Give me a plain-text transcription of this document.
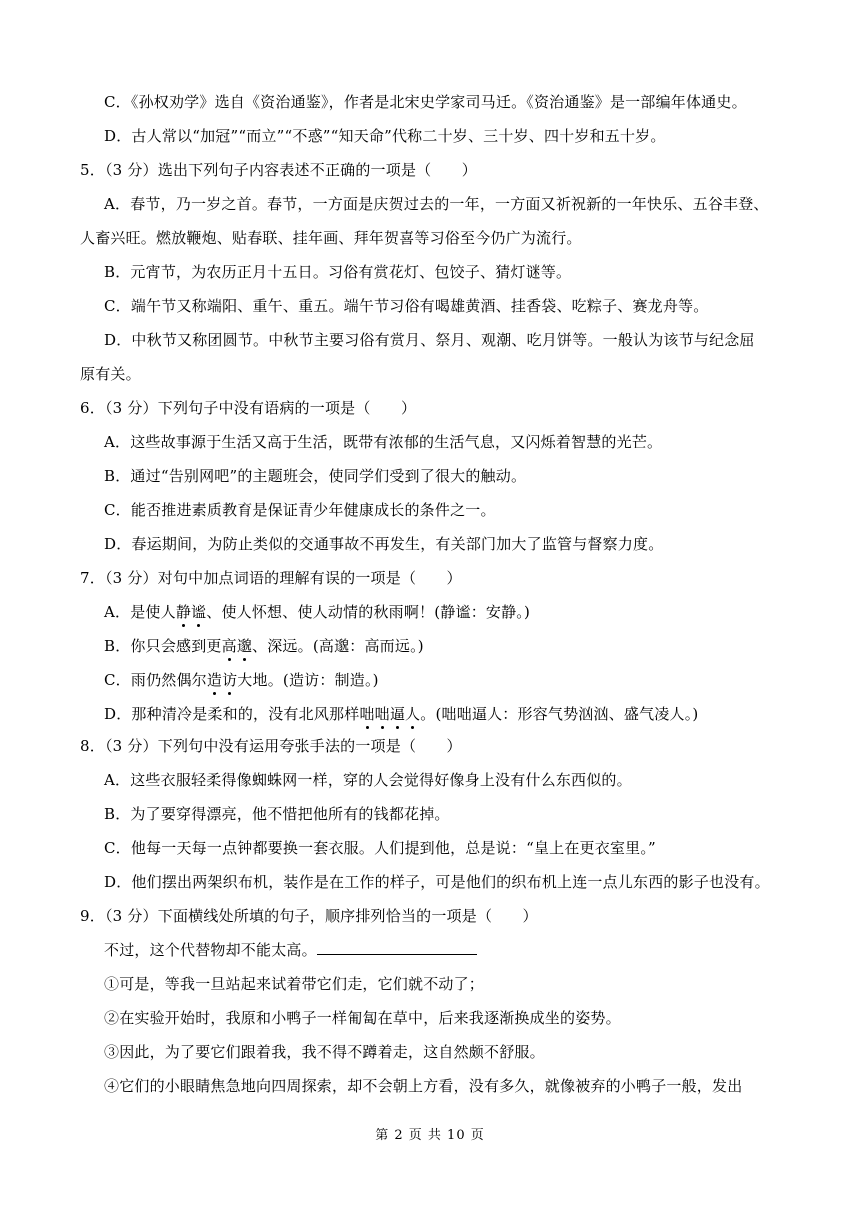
C．《孙权劝学》选自《资治通鉴》，作者是北宋史学家司马迁。《资治通鉴》是一部编年体通史。
D．古人常以“加冠”“而立”“不惑”“知天命”代称二十岁、三十岁、四十岁和五十岁。
5．（3 分）选出下列句子内容表述不正确的一项是（　　）
A．春节，乃一岁之首。春节，一方面是庆贺过去的一年，一方面又祈祝新的一年快乐、五谷丰登、
人畜兴旺。燃放鞭炮、贴春联、挂年画、拜年贺喜等习俗至今仍广为流行。
B．元宵节，为农历正月十五日。习俗有赏花灯、包饺子、猜灯谜等。
C．端午节又称端阳、重午、重五。端午节习俗有喝雄黄酒、挂香袋、吃粽子、赛龙舟等。
D．中秋节又称团圆节。中秋节主要习俗有赏月、祭月、观潮、吃月饼等。一般认为该节与纪念屈
原有关。
6．（3 分）下列句子中没有语病的一项是（　　）
A．这些故事源于生活又高于生活，既带有浓郁的生活气息，又闪烁着智慧的光芒。
B．通过“告别网吧”的主题班会，使同学们受到了很大的触动。
C．能否推进素质教育是保证青少年健康成长的条件之一。
D．春运期间，为防止类似的交通事故不再发生，有关部门加大了监管与督察力度。
7．（3 分）对句中加点词语的理解有误的一项是（　　）
A．是使人静谧、使人怀想、使人动情的秋雨啊！(静谧：安静。)
B．你只会感到更高邈、深远。(高邈：高而远。)
C．雨仍然偶尔造访大地。(造访：制造。)
D．那种清冷是柔和的，没有北风那样咄咄逼人。(咄咄逼人：形容气势汹汹、盛气凌人。)
8．（3 分）下列句中没有运用夸张手法的一项是（　　）
A．这些衣服轻柔得像蜘蛛网一样，穿的人会觉得好像身上没有什么东西似的。
B．为了要穿得漂亮，他不惜把他所有的钱都花掉。
C．他每一天每一点钟都要换一套衣服。人们提到他，总是说：“皇上在更衣室里。”
D．他们摆出两架织布机，装作是在工作的样子，可是他们的织布机上连一点儿东西的影子也没有。
9．（3 分）下面横线处所填的句子，顺序排列恰当的一项是（　　）
不过，这个代替物却不能太高。
①可是，等我一旦站起来试着带它们走，它们就不动了；
②在实验开始时，我原和小鸭子一样匍匐在草中，后来我逐渐换成坐的姿势。
③因此，为了要它们跟着我，我不得不蹲着走，这自然颇不舒服。
④它们的小眼睛焦急地向四周探索，却不会朝上方看，没有多久，就像被弃的小鸭子一般，发出
第 2 页 共 10 页
